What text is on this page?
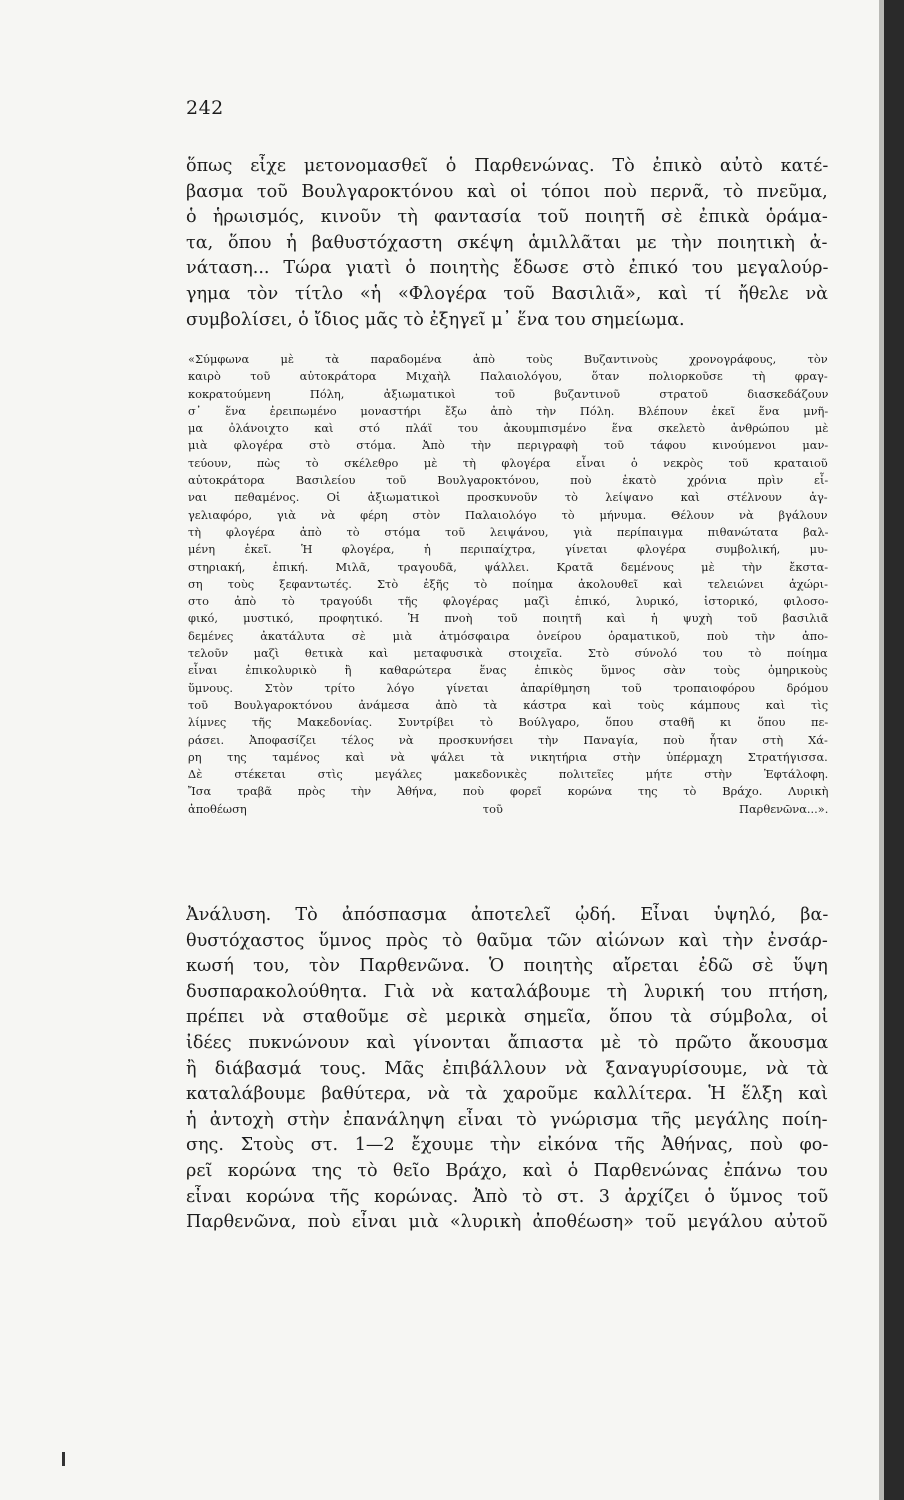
242
ὅπως εἶχε μετονομασθεῖ ὁ Παρθενώνας. Τὸ ἐπικὸ αὐτὸ κατέ-
βασμα τοῦ Βουλγαροκτόνου καὶ οἱ τόποι ποὺ περνᾶ, τὸ πνεῦμα,
ὁ ἡρωισμός, κινοῦν τὴ φαντασία τοῦ ποιητῆ σὲ ἐπικὰ ὁράμα-
τα, ὅπου ἡ βαθυστόχαστη σκέψη ἁμιλλᾶται με τὴν ποιητικὴ ἀ-
νάταση... Τώρα γιατὶ ὁ ποιητὴς ἔδωσε στὸ ἐπικό του μεγαλούρ-
γημα τὸν τίτλο «ἡ «Φλογέρα τοῦ Βασιλιᾶ», καὶ τί ἤθελε νὰ
συμβολίσει, ὁ ἴδιος μᾶς τὸ ἐξηγεῖ μ᾽ ἕνα του σημείωμα.
«Σύμφωνα μὲ τὰ παραδομένα ἀπὸ τοὺς Βυζαντινοὺς χρονογράφους, τὸν
καιρὸ τοῦ αὐτοκράτορα Μιχαὴλ Παλαιολόγου, ὅταν πολιορκοῦσε τὴ φραγ-
κοκρατούμενη Πόλη, ἀξιωματικοὶ τοῦ βυζαντινοῦ στρατοῦ διασκεδάζουν
σ᾽ ἕνα ἐρειπωμένο μοναστήρι ἔξω ἀπὸ τὴν Πόλη. Βλέπουν ἐκεῖ ἕνα μνῆ-
μα ὀλάνοιχτο καὶ στό πλάϊ του ἀκουμπισμένο ἕνα σκελετὸ ἀνθρώπου μὲ
μιὰ φλογέρα στὸ στόμα. Ἀπὸ τὴν περιγραφὴ τοῦ τάφου κινούμενοι μαν-
τεύουν, πὼς τὸ σκέλεθρο μὲ τὴ φλογέρα εἶναι ὁ νεκρὸς τοῦ κραταιοῦ
αὐτοκράτορα Βασιλείου τοῦ Βουλγαροκτόνου, ποὺ ἑκατὸ χρόνια πρὶν εἶ-
ναι πεθαμένος. Οἱ ἀξιωματικοὶ προσκυνοῦν τὸ λείψανο καὶ στέλνουν ἀγ-
γελιαφόρο, γιὰ νὰ φέρη στὸν Παλαιολόγο τὸ μήνυμα. Θέλουν νὰ βγάλουν
τὴ φλογέρα ἀπὸ τὸ στόμα τοῦ λειψάνου, γιὰ περίπαιγμα πιθανώτατα βαλ-
μένη ἐκεῖ. Ἡ φλογέρα, ἡ περιπαίχτρα, γίνεται φλογέρα συμβολική, μυ-
στηριακή, ἐπική. Μιλᾶ, τραγουδᾶ, ψάλλει. Κρατᾶ δεμένους μὲ τὴν ἔκστα-
ση τοὺς ξεφαντωτές. Στὸ ἑξῆς τὸ ποίημα ἀκολουθεῖ καὶ τελειώνει ἀχώρι-
στο ἀπὸ τὸ τραγούδι τῆς φλογέρας μαζὶ ἐπικό, λυρικό, ἱστορικό, φιλοσο-
φικό, μυστικό, προφητικό. Ἡ πνοὴ τοῦ ποιητῆ καὶ ἡ ψυχὴ τοῦ βασιλιᾶ
δεμένες ἀκατάλυτα σὲ μιὰ ἀτμόσφαιρα ὀνείρου ὁραματικοῦ, ποὺ τὴν ἀπο-
τελοῦν μαζὶ θετικὰ καὶ μεταφυσικὰ στοιχεῖα. Στὸ σύνολό του τὸ ποίημα
εἶναι ἐπικολυρικὸ ἢ καθαρώτερα ἕνας ἐπικὸς ὕμνος σὰν τοὺς ὁμηρικοὺς
ὕμνους. Στὸν τρίτο λόγο γίνεται ἀπαρίθμηση τοῦ τροπαιοφόρου δρόμου
τοῦ Βουλγαροκτόνου ἀνάμεσα ἀπὸ τὰ κάστρα καὶ τοὺς κάμπους καὶ τὶς
λίμνες τῆς Μακεδονίας. Συντρίβει τὸ Βούλγαρο, ὅπου σταθῆ κι ὅπου πε-
ράσει. Ἀποφασίζει τέλος νὰ προσκυνήσει τὴν Παναγία, ποὺ ἦταν στὴ Χά-
ρη της ταμένος καὶ νὰ ψάλει τὰ νικητήρια στὴν ὑπέρμαχη Στρατήγισσα.
Δὲ στέκεται στὶς μεγάλες μακεδονικὲς πολιτεῖες μήτε στὴν Ἐφτάλοφη.
Ἴσα τραβᾶ πρὸς τὴν Ἀθήνα, ποὺ φορεῖ κορώνα της τὸ Βράχο. Λυρικὴ
ἀποθέωση τοῦ Παρθενῶνα...».
Ἀνάλυση. Τὸ ἀπόσπασμα ἀποτελεῖ ᾠδή. Εἶναι ὑψηλό, βα-
θυστόχαστος ὕμνος πρὸς τὸ θαῦμα τῶν αἰώνων καὶ τὴν ἐνσάρ-
κωσή του, τὸν Παρθενῶνα. Ὁ ποιητὴς αἴρεται ἐδῶ σὲ ὕψη
δυσπαρακολούθητα. Γιὰ νὰ καταλάβουμε τὴ λυρική του πτήση,
πρέπει νὰ σταθοῦμε σὲ μερικὰ σημεῖα, ὅπου τὰ σύμβολα, οἱ
ἰδέες πυκνώνουν καὶ γίνονται ἄπιαστα μὲ τὸ πρῶτο ἄκουσμα
ἢ διάβασμά τους. Μᾶς ἐπιβάλλουν νὰ ξαναγυρίσουμε, νὰ τὰ
καταλάβουμε βαθύτερα, νὰ τὰ χαροῦμε καλλίτερα. Ἡ ἕλξη καὶ
ἡ ἀντοχὴ στὴν ἐπανάληψη εἶναι τὸ γνώρισμα τῆς μεγάλης ποίη-
σης. Στοὺς στ. 1—2 ἔχουμε τὴν εἰκόνα τῆς Ἀθήνας, ποὺ φο-
ρεῖ κορώνα της τὸ θεῖο Βράχο, καὶ ὁ Παρθενώνας ἐπάνω του
εἶναι κορώνα τῆς κορώνας. Ἀπὸ τὸ στ. 3 ἀρχίζει ὁ ὕμνος τοῦ
Παρθενῶνα, ποὺ εἶναι μιὰ «λυρικὴ ἀποθέωση» τοῦ μεγάλου αὐτοῦ
